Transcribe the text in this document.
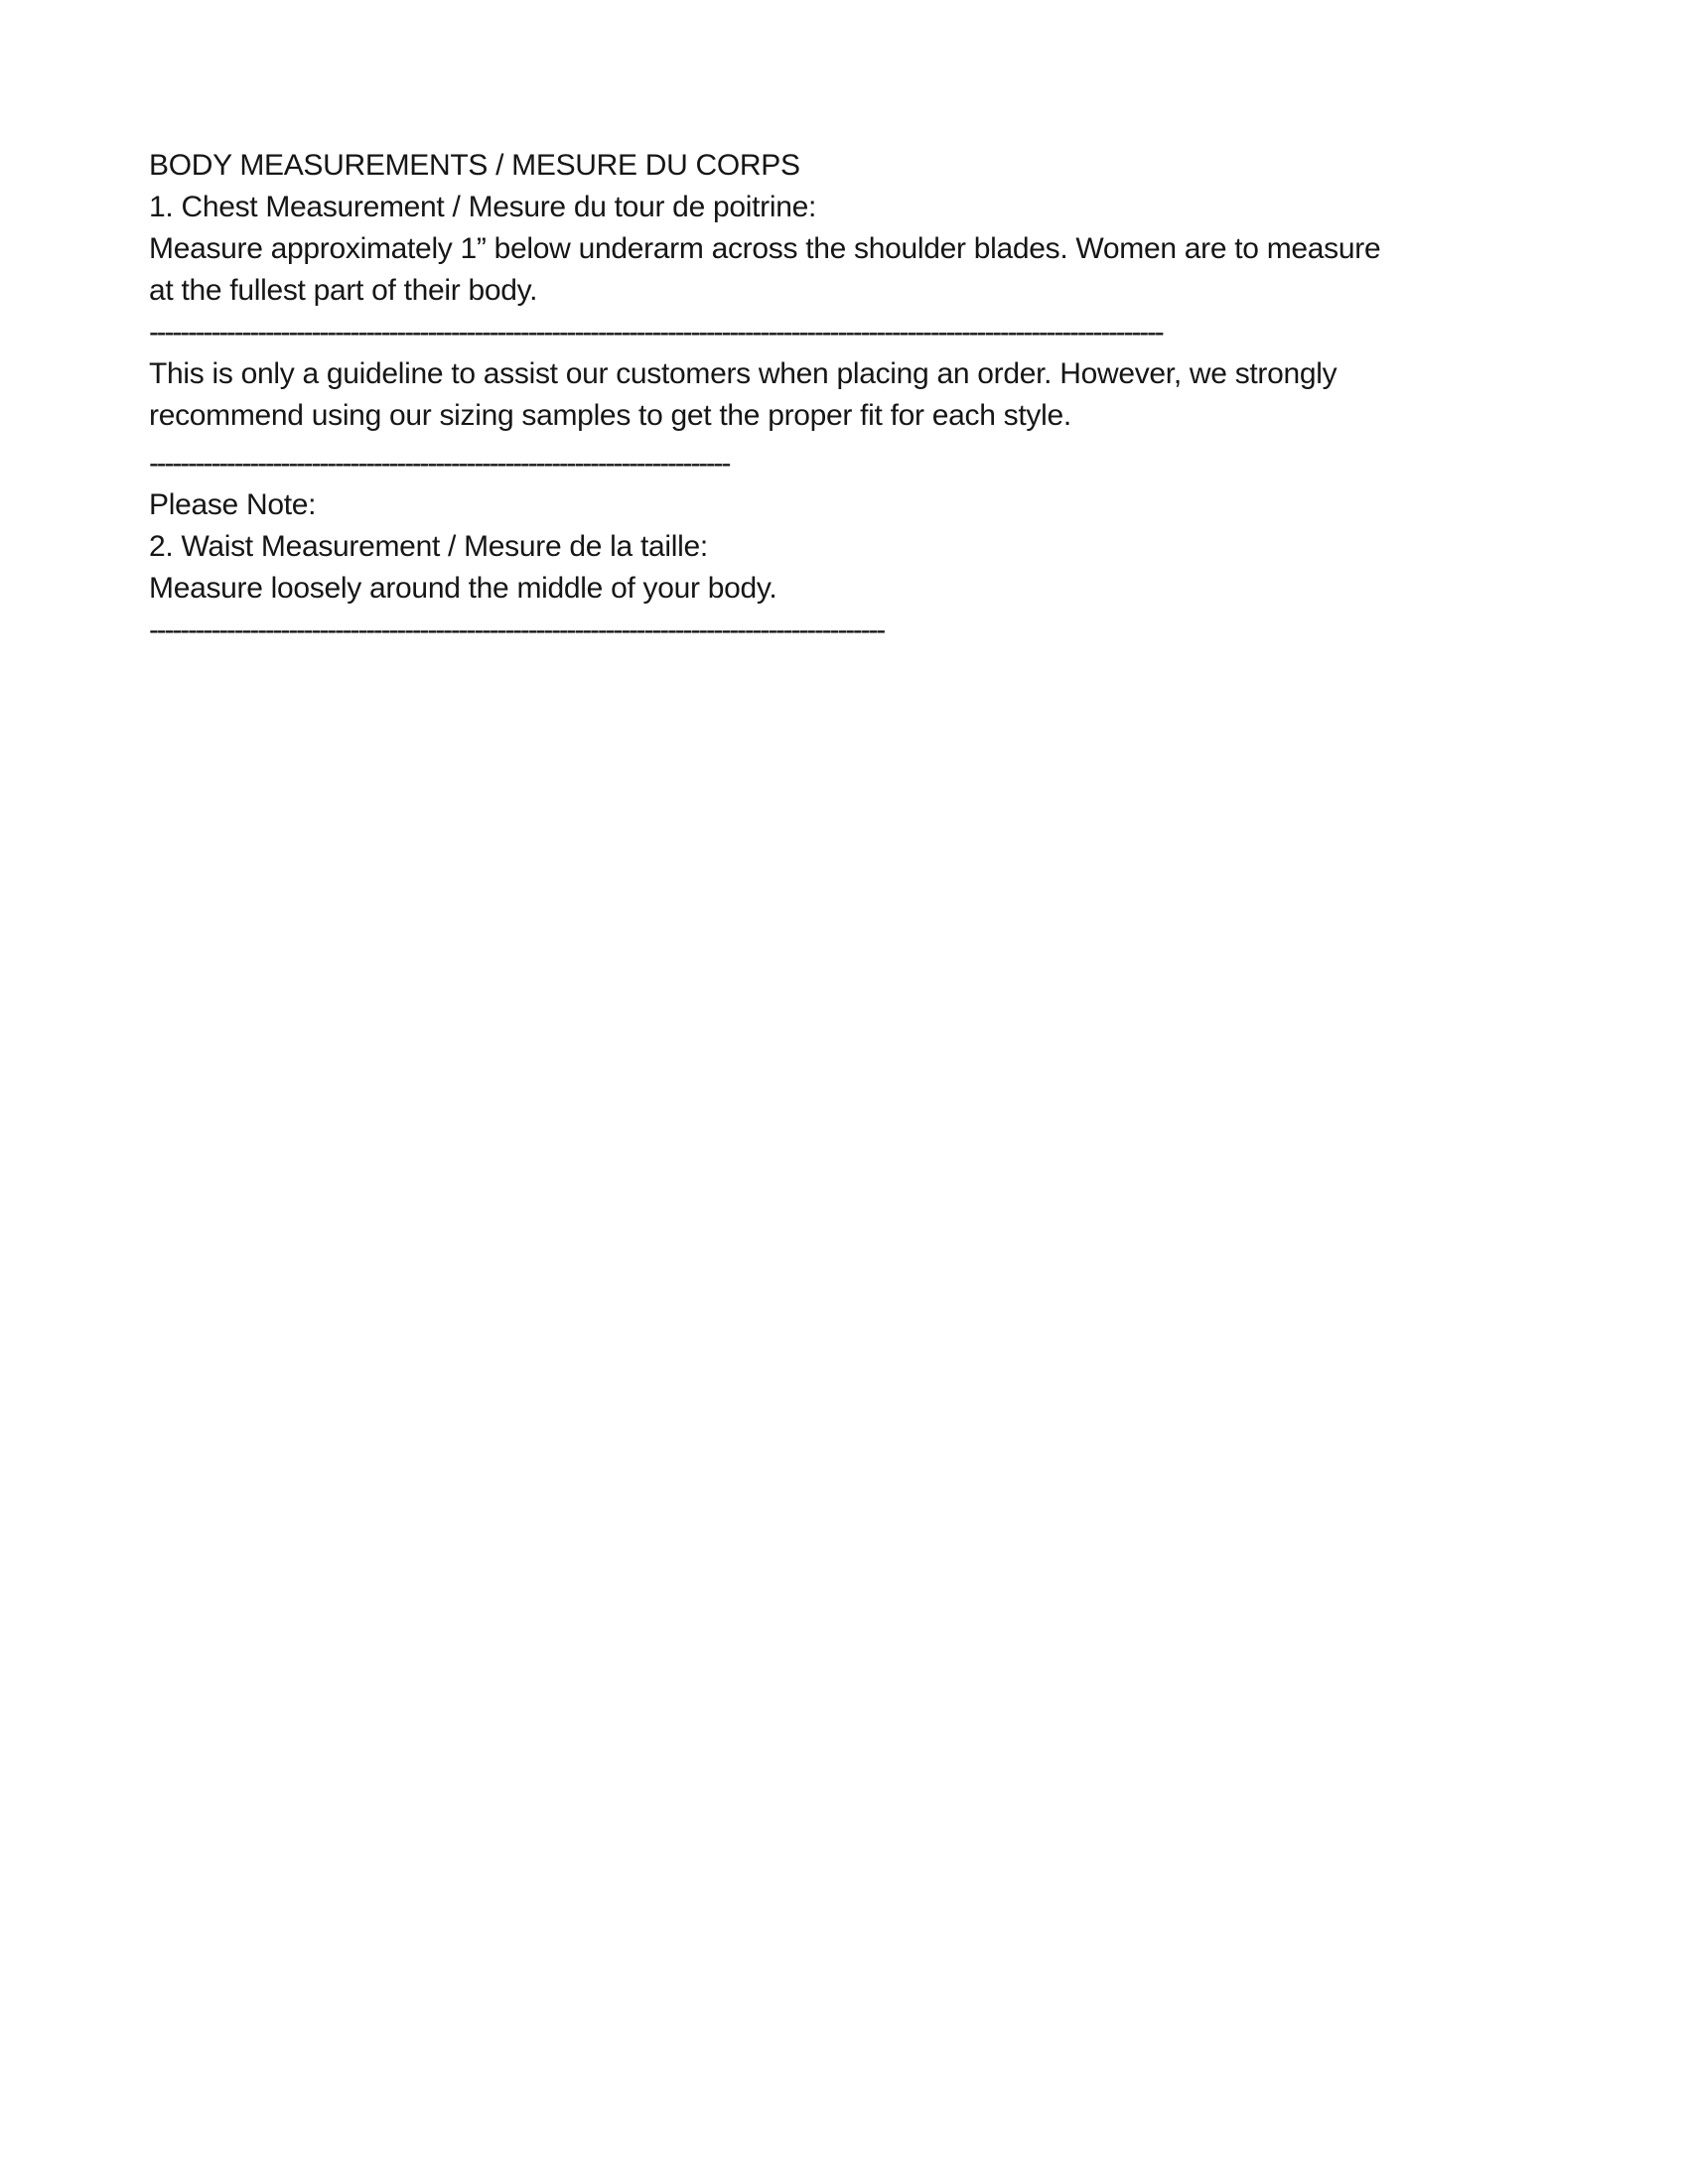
BODY MEASUREMENTS / MESURE DU CORPS
1. Chest Measurement / Mesure du tour de poitrine:
Measure approximately 1” below underarm across the shoulder blades. Women are to measure
at the fullest part of their body.
-----------------------------------------------------------------------------------------------------------------------------------
This is only a guideline to assist our customers when placing an order. However, we strongly
recommend using our sizing samples to get the proper fit for each style.
---------------------------------------------------------------------------
Please Note:
2. Waist Measurement / Mesure de la taille:
Measure loosely around the middle of your body.
-----------------------------------------------------------------------------------------------
